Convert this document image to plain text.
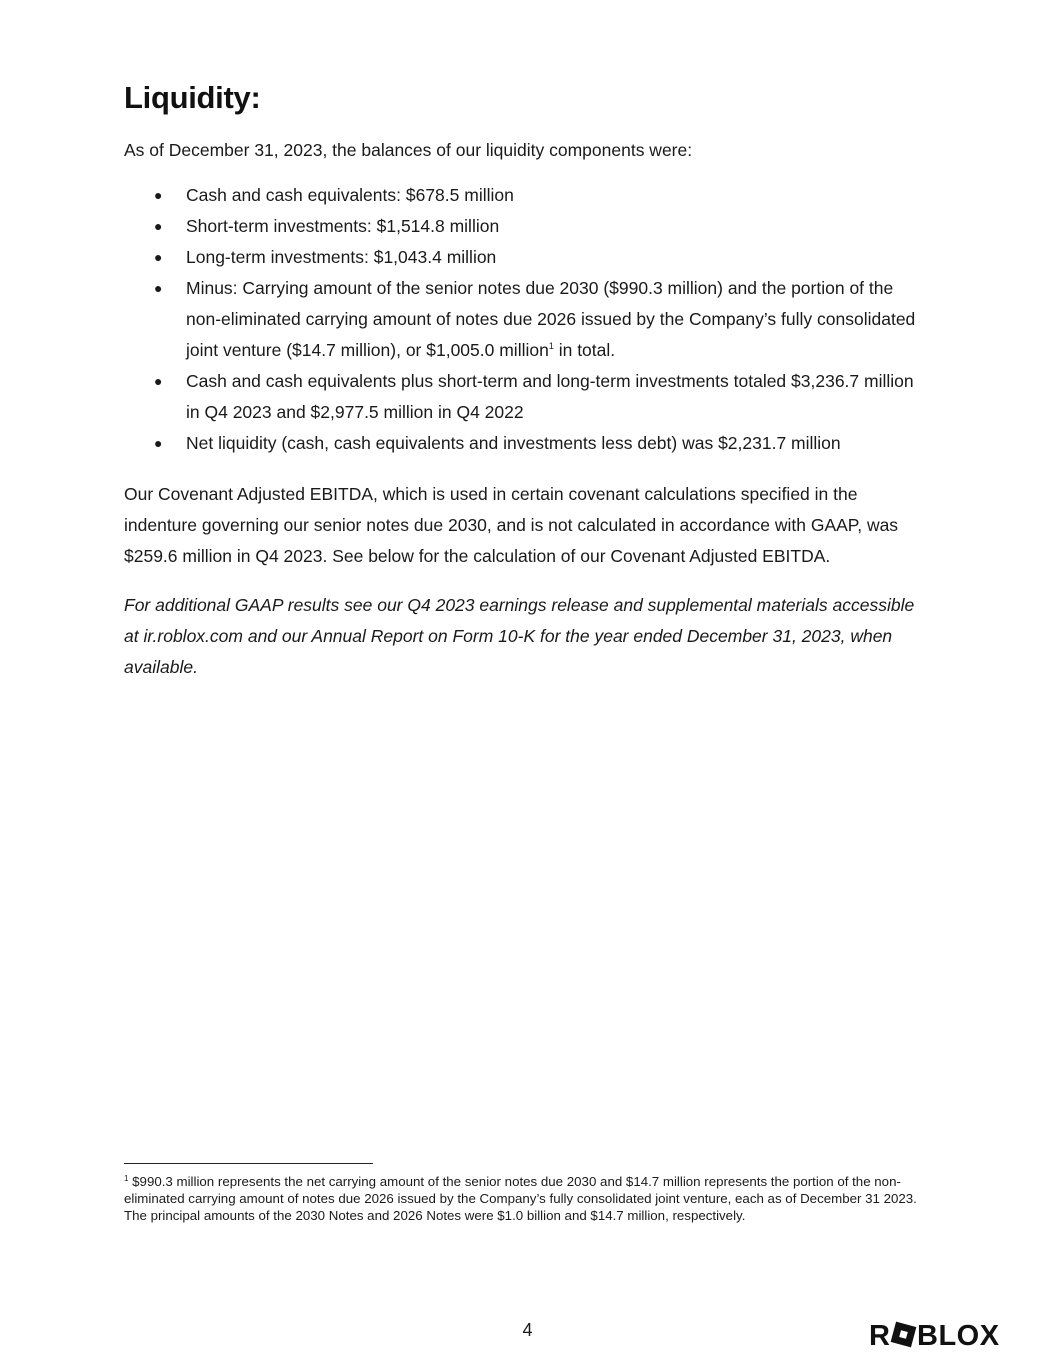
Liquidity:

As of December 31, 2023, the balances of our liquidity components were:

● Cash and cash equivalents: $678.5 million
● Short-term investments: $1,514.8 million
● Long-term investments: $1,043.4 million
● Minus: Carrying amount of the senior notes due 2030 ($990.3 million) and the portion of the non-eliminated carrying amount of notes due 2026 issued by the Company’s fully consolidated joint venture ($14.7 million), or $1,005.0 million$^1$ in total.
● Cash and cash equivalents plus short-term and long-term investments totaled $3,236.7 million in Q4 2023 and $2,977.5 million in Q4 2022
● Net liquidity (cash, cash equivalents and investments less debt) was $2,231.7 million

Our Covenant Adjusted EBITDA, which is used in certain covenant calculations specified in the indenture governing our senior notes due 2030, and is not calculated in accordance with GAAP, was $259.6 million in Q4 2023. See below for the calculation of our Covenant Adjusted EBITDA.

For additional GAAP results see our Q4 2023 earnings release and supplemental materials accessible at ir.roblox.com and our Annual Report on Form 10-K for the year ended December 31, 2023, when available.

$^1$ $990.3 million represents the net carrying amount of the senior notes due 2030 and $14.7 million represents the portion of the non-eliminated carrying amount of notes due 2026 issued by the Company’s fully consolidated joint venture, each as of December 31 2023. The principal amounts of the 2030 Notes and 2026 Notes were $1.0 billion and $14.7 million, respectively.

4	R BLOX
